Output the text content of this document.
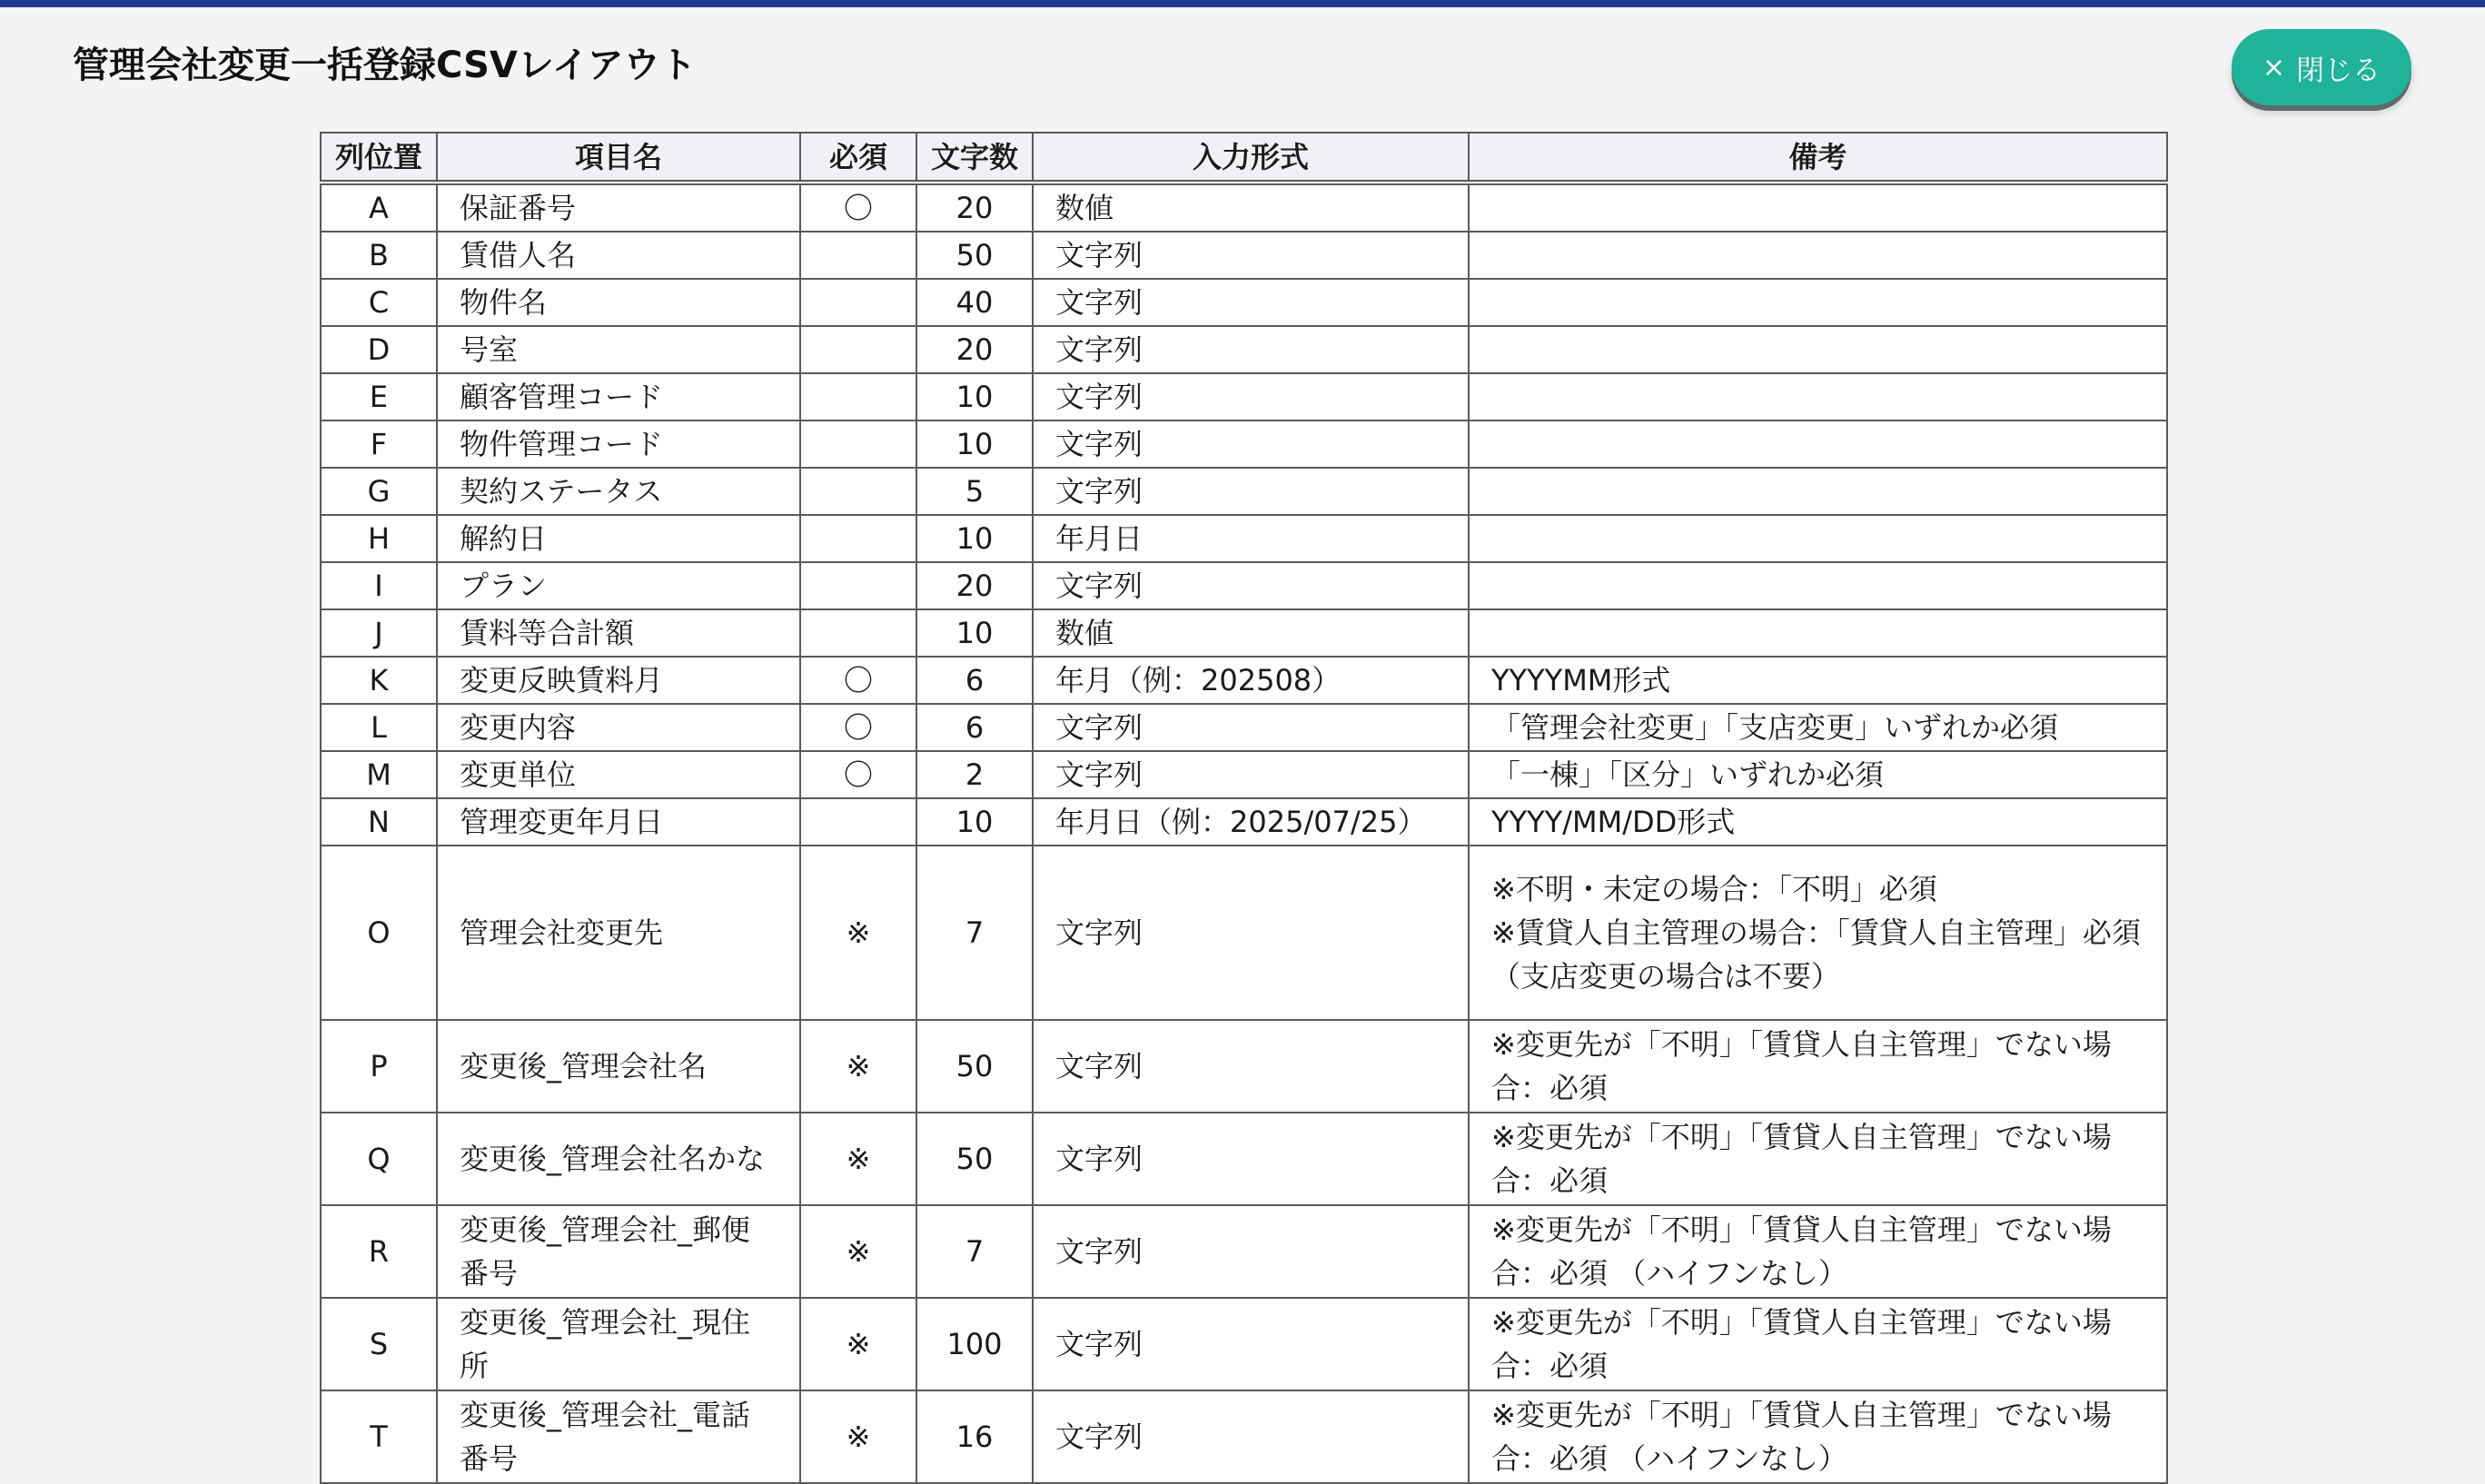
管理会社変更一括登録CSVレイアウト	× 閉じる
列位置	項目名	必須	文字数	入力形式	備考
A	保証番号	〇	20	数値	
B	賃借人名		50	文字列	
C	物件名		40	文字列	
D	号室		20	文字列	
E	顧客管理コード		10	文字列	
F	物件管理コード		10	文字列	
G	契約ステータス		5	文字列	
H	解約日		10	年月日	
I	プラン		20	文字列	
J	賃料等合計額		10	数値	
K	変更反映賃料月	〇	6	年月（例：202508）	YYYYMM形式
L	変更内容	〇	6	文字列	「管理会社変更」「支店変更」いずれか必須
M	変更単位	〇	2	文字列	「一棟」「区分」いずれか必須
N	管理変更年月日		10	年月日（例：2025/07/25）	YYYY/MM/DD形式
O	管理会社変更先	※	7	文字列	※不明・未定の場合：「不明」必須
※賃貸人自主管理の場合：「賃貸人自主管理」必須
（支店変更の場合は不要）
P	変更後_管理会社名	※	50	文字列	※変更先が「不明」「賃貸人自主管理」でない場合：必須
Q	変更後_管理会社名かな	※	50	文字列	※変更先が「不明」「賃貸人自主管理」でない場合：必須
R	変更後_管理会社_郵便番号	※	7	文字列	※変更先が「不明」「賃貸人自主管理」でない場合：必須 （ハイフンなし）
S	変更後_管理会社_現住所	※	100	文字列	※変更先が「不明」「賃貸人自主管理」でない場合：必須
T	変更後_管理会社_電話番号	※	16	文字列	※変更先が「不明」「賃貸人自主管理」でない場合：必須 （ハイフンなし）
